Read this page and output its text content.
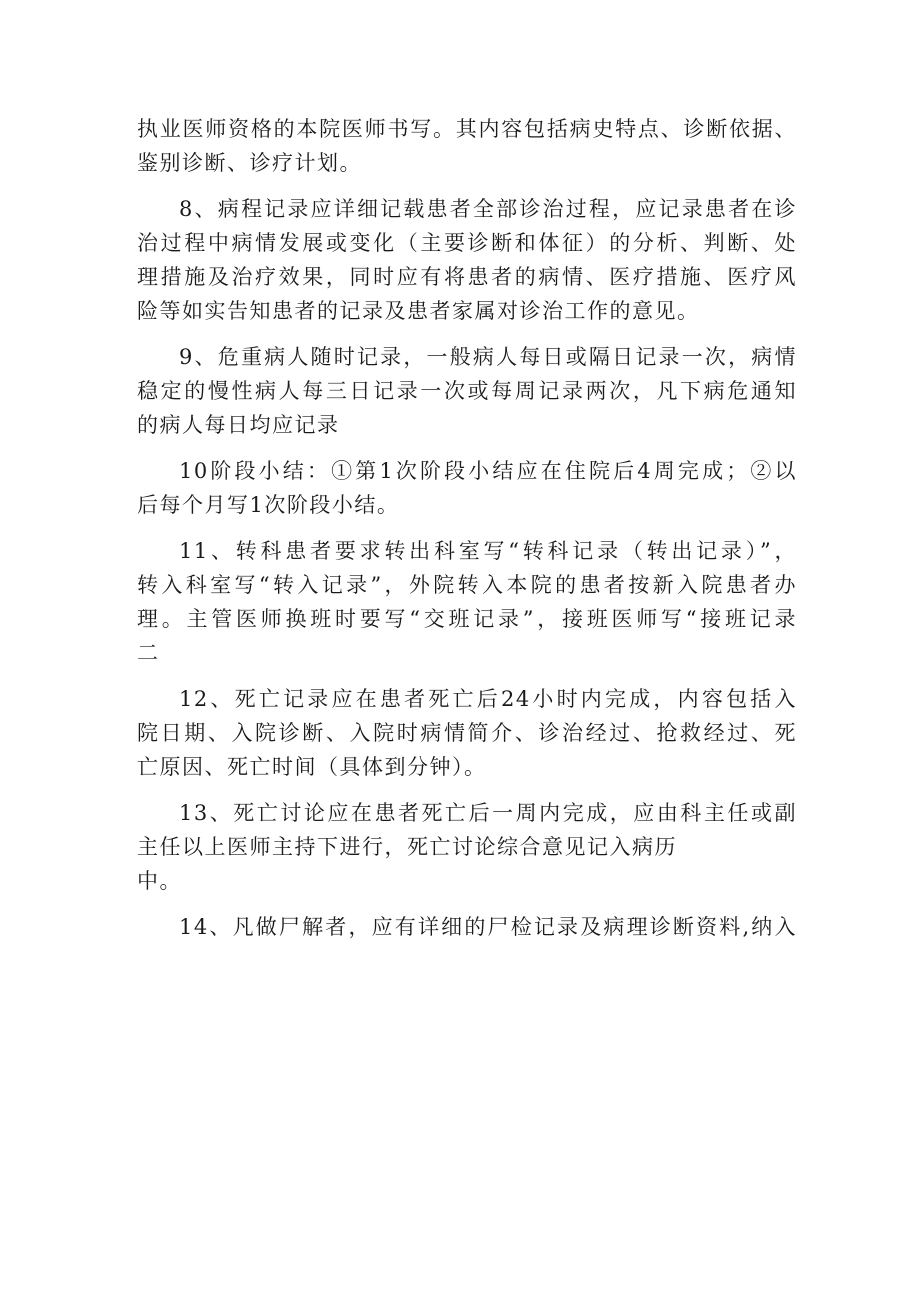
执业医师资格的本院医师书写。其内容包括病史特点、诊断依据、
鉴别诊断、诊疗计划。
8、病程记录应详细记载患者全部诊治过程，应记录患者在诊
治过程中病情发展或变化（主要诊断和体征）的分析、判断、处
理措施及治疗效果，同时应有将患者的病情、医疗措施、医疗风
险等如实告知患者的记录及患者家属对诊治工作的意见。
9、危重病人随时记录，一般病人每日或隔日记录一次，病情
稳定的慢性病人每三日记录一次或每周记录两次，凡下病危通知
的病人每日均应记录
10阶段小结：①第1次阶段小结应在住院后4周完成；②以
后每个月写1次阶段小结。
11、转科患者要求转出科室写“转科记录（转出记录）”，
转入科室写“转入记录”，外院转入本院的患者按新入院患者办
理。主管医师换班时要写“交班记录”，接班医师写“接班记录
二
12、死亡记录应在患者死亡后24小时内完成，内容包括入
院日期、入院诊断、入院时病情简介、诊治经过、抢救经过、死
亡原因、死亡时间（具体到分钟）。
13、死亡讨论应在患者死亡后一周内完成，应由科主任或副
主任以上医师主持下进行，死亡讨论综合意见记入病历
中。
14、凡做尸解者，应有详细的尸检记录及病理诊断资料,纳入
